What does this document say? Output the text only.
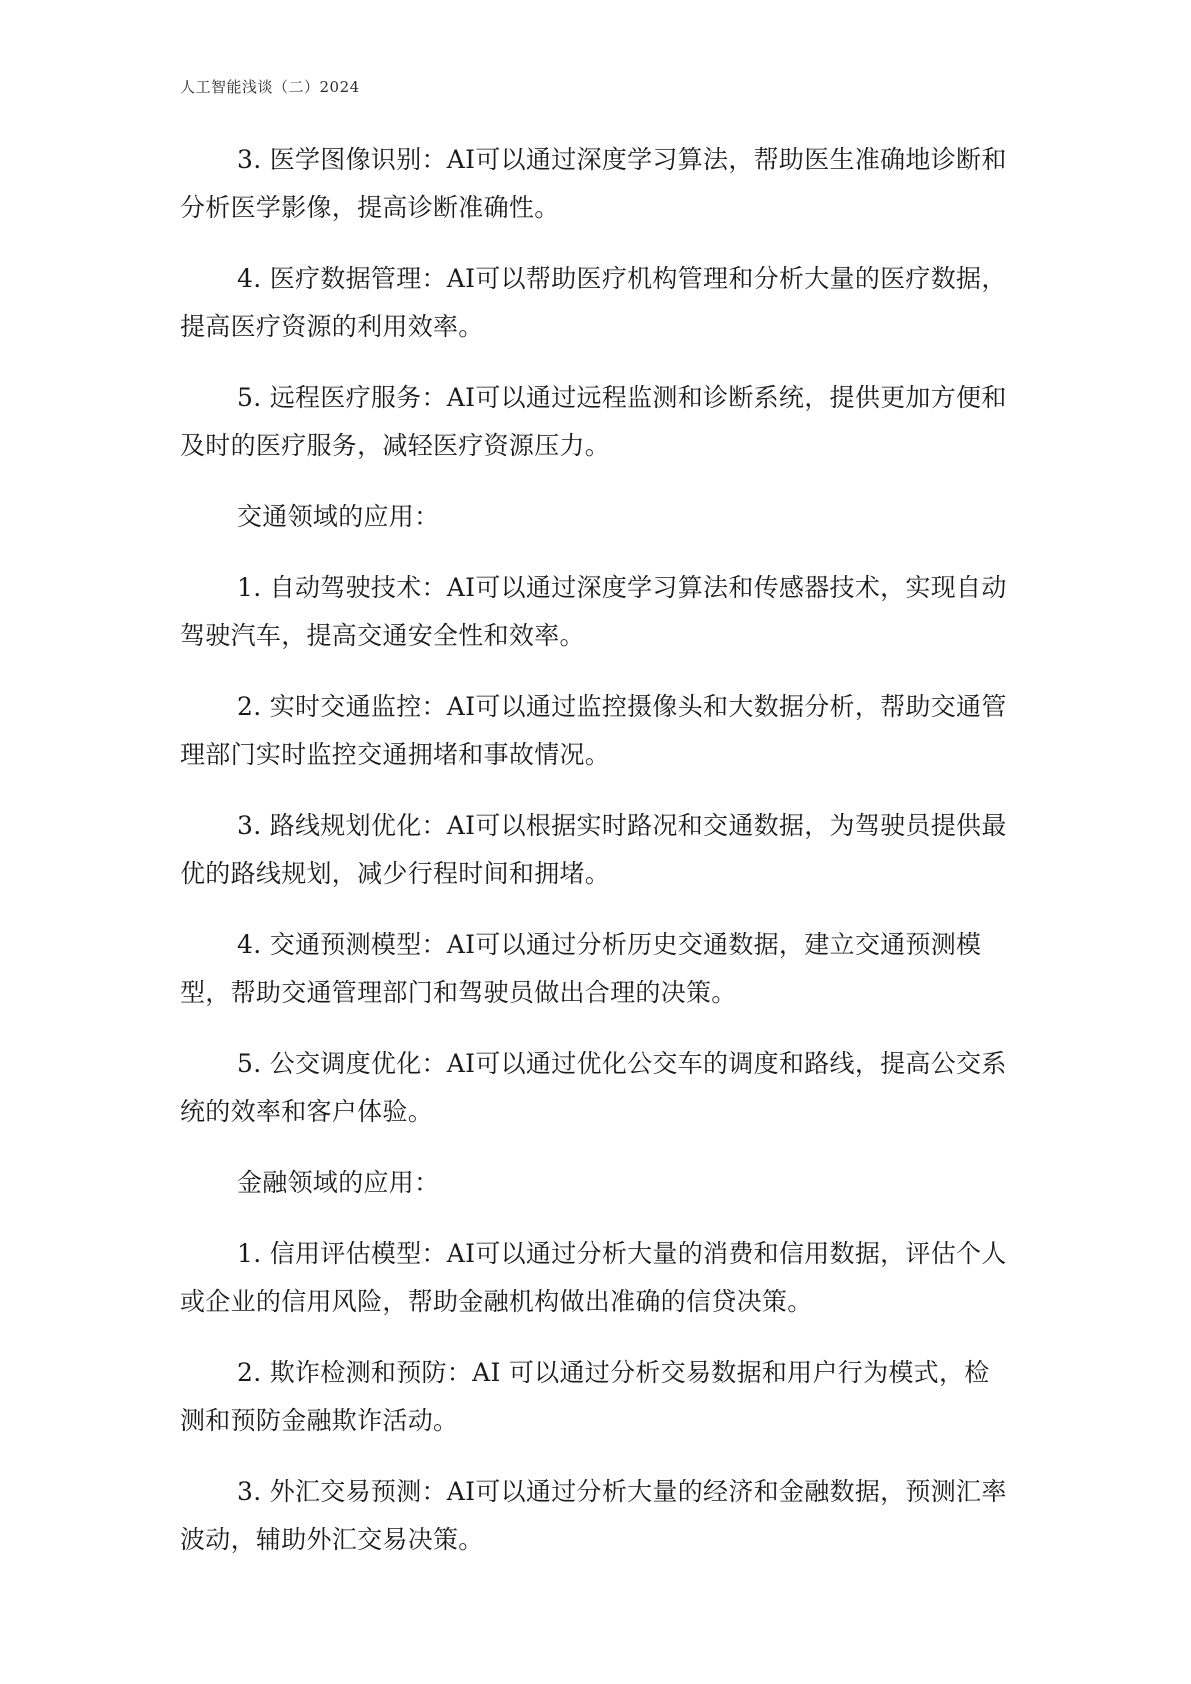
人工智能浅谈（二）2024

3. 医学图像识别：AI可以通过深度学习算法，帮助医生准确地诊断和分析医学影像，提高诊断准确性。

4. 医疗数据管理：AI可以帮助医疗机构管理和分析大量的医疗数据，提高医疗资源的利用效率。

5. 远程医疗服务：AI可以通过远程监测和诊断系统，提供更加方便和及时的医疗服务，减轻医疗资源压力。

交通领域的应用：

1. 自动驾驶技术：AI可以通过深度学习算法和传感器技术，实现自动驾驶汽车，提高交通安全性和效率。

2. 实时交通监控：AI可以通过监控摄像头和大数据分析，帮助交通管理部门实时监控交通拥堵和事故情况。

3. 路线规划优化：AI可以根据实时路况和交通数据，为驾驶员提供最优的路线规划，减少行程时间和拥堵。

4. 交通预测模型：AI可以通过分析历史交通数据，建立交通预测模型，帮助交通管理部门和驾驶员做出合理的决策。

5. 公交调度优化：AI可以通过优化公交车的调度和路线，提高公交系统的效率和客户体验。

金融领域的应用：

1. 信用评估模型：AI可以通过分析大量的消费和信用数据，评估个人或企业的信用风险，帮助金融机构做出准确的信贷决策。

2. 欺诈检测和预防：AI 可以通过分析交易数据和用户行为模式，检测和预防金融欺诈活动。

3. 外汇交易预测：AI可以通过分析大量的经济和金融数据，预测汇率波动，辅助外汇交易决策。
